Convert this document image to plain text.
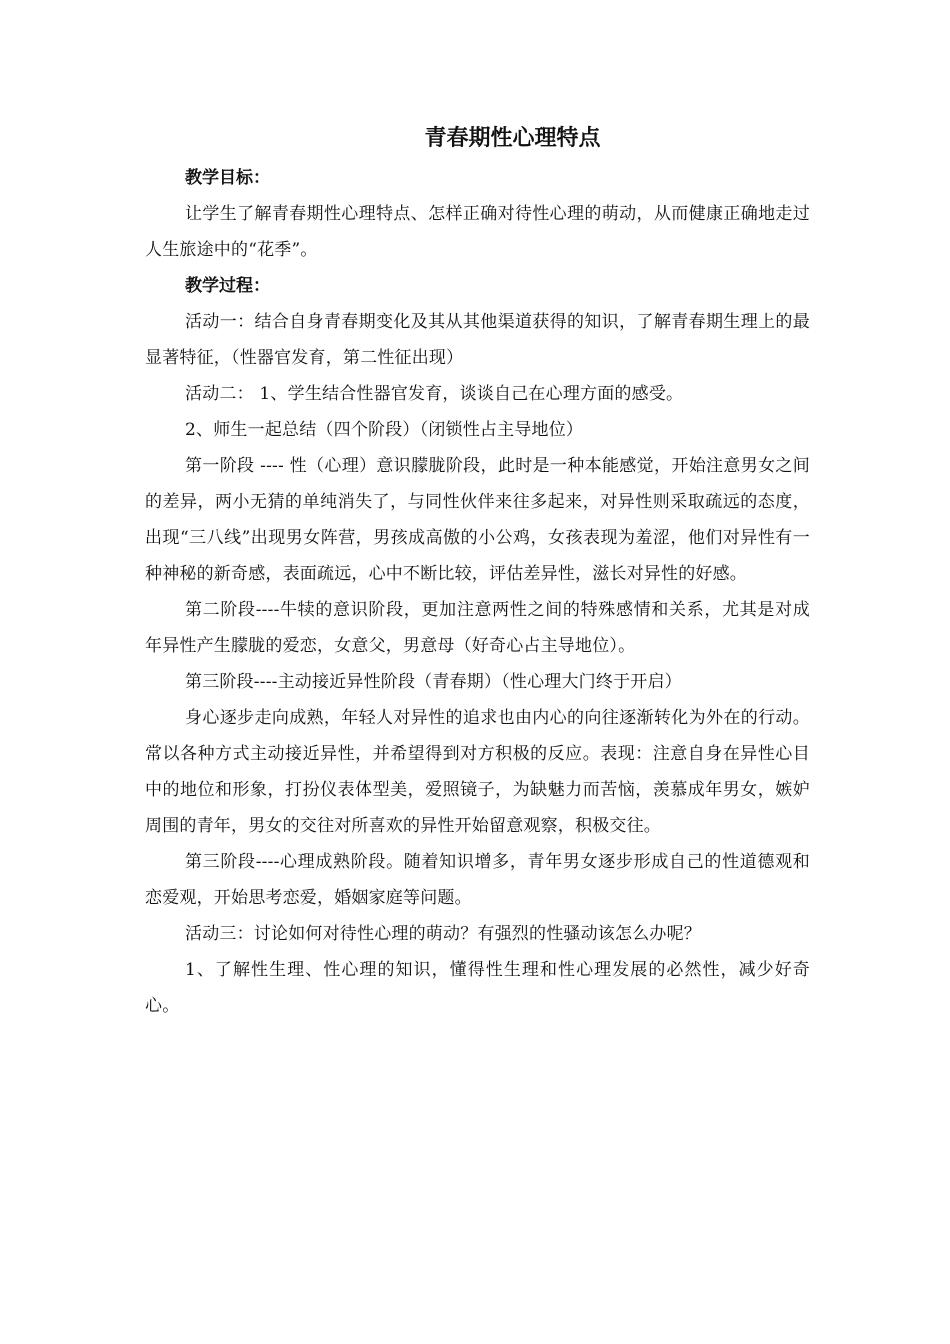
青春期性心理特点

教学目标：

让学生了解青春期性心理特点、怎样正确对待性心理的萌动，从而健康正确地走过人生旅途中的“花季”。

教学过程：

活动一：结合自身青春期变化及其从其他渠道获得的知识，了解青春期生理上的最显著特征，（性器官发育，第二性征出现）

活动二： 1、学生结合性器官发育，谈谈自己在心理方面的感受。

2、师生一起总结（四个阶段）（闭锁性占主导地位）

第一阶段 ---- 性（心理）意识朦胧阶段，此时是一种本能感觉，开始注意男女之间的差异，两小无猜的单纯消失了，与同性伙伴来往多起来，对异性则采取疏远的态度，出现“三八线”出现男女阵营，男孩成高傲的小公鸡，女孩表现为羞涩，他们对异性有一种神秘的新奇感，表面疏远，心中不断比较，评估差异性，滋长对异性的好感。

第二阶段----牛犊的意识阶段，更加注意两性之间的特殊感情和关系，尤其是对成年异性产生朦胧的爱恋，女意父，男意母（好奇心占主导地位）。

第三阶段----主动接近异性阶段（青春期）（性心理大门终于开启）

身心逐步走向成熟，年轻人对异性的追求也由内心的向往逐渐转化为外在的行动。常以各种方式主动接近异性，并希望得到对方积极的反应。表现：注意自身在异性心目中的地位和形象，打扮仪表体型美，爱照镜子，为缺魅力而苦恼，羡慕成年男女，嫉妒周围的青年，男女的交往对所喜欢的异性开始留意观察，积极交往。

第三阶段----心理成熟阶段。随着知识增多，青年男女逐步形成自己的性道德观和恋爱观，开始思考恋爱，婚姻家庭等问题。

活动三：讨论如何对待性心理的萌动？有强烈的性骚动该怎么办呢？

1、了解性生理、性心理的知识，懂得性生理和性心理发展的必然性，减少好奇心。
